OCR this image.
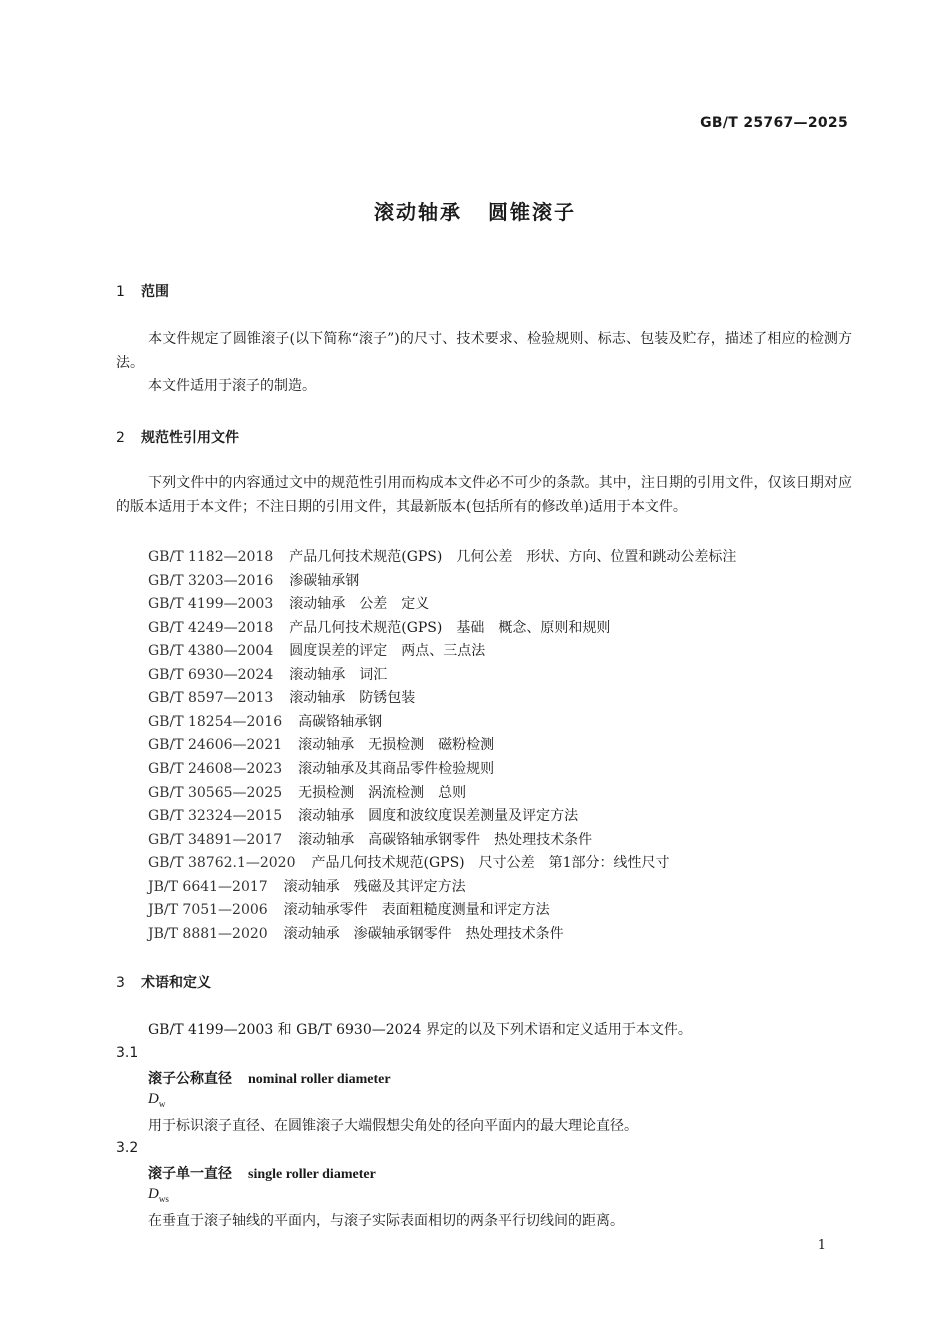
GB/T 25767—2025
滚动轴承 圆锥滚子
1 范围
本文件规定了圆锥滚子(以下简称“滚子”)的尺寸、技术要求、检验规则、标志、包装及贮存，描述了相应的检测方法。
本文件适用于滚子的制造。
2 规范性引用文件
下列文件中的内容通过文中的规范性引用而构成本文件必不可少的条款。其中，注日期的引用文件，仅该日期对应的版本适用于本文件；不注日期的引用文件，其最新版本(包括所有的修改单)适用于本文件。
GB/T 1182—2018 产品几何技术规范(GPS)　几何公差　形状、方向、位置和跳动公差标注
GB/T 3203—2016 渗碳轴承钢
GB/T 4199—2003 滚动轴承　公差　定义
GB/T 4249—2018 产品几何技术规范(GPS)　基础　概念、原则和规则
GB/T 4380—2004 圆度误差的评定　两点、三点法
GB/T 6930—2024 滚动轴承　词汇
GB/T 8597—2013 滚动轴承　防锈包装
GB/T 18254—2016 高碳铬轴承钢
GB/T 24606—2021 滚动轴承　无损检测　磁粉检测
GB/T 24608—2023 滚动轴承及其商品零件检验规则
GB/T 30565—2025 无损检测　涡流检测　总则
GB/T 32324—2015 滚动轴承　圆度和波纹度误差测量及评定方法
GB/T 34891—2017 滚动轴承　高碳铬轴承钢零件　热处理技术条件
GB/T 38762.1—2020 产品几何技术规范(GPS)　尺寸公差　第1部分：线性尺寸
JB/T 6641—2017 滚动轴承　残磁及其评定方法
JB/T 7051—2006 滚动轴承零件　表面粗糙度测量和评定方法
JB/T 8881—2020 滚动轴承　渗碳轴承钢零件　热处理技术条件
3 术语和定义
GB/T 4199—2003 和 GB/T 6930—2024 界定的以及下列术语和定义适用于本文件。
3.1
滚子公称直径 nominal roller diameter
$D_w$
用于标识滚子直径、在圆锥滚子大端假想尖角处的径向平面内的最大理论直径。
3.2
滚子单一直径 single roller diameter
$D_{ws}$
在垂直于滚子轴线的平面内，与滚子实际表面相切的两条平行切线间的距离。
1
